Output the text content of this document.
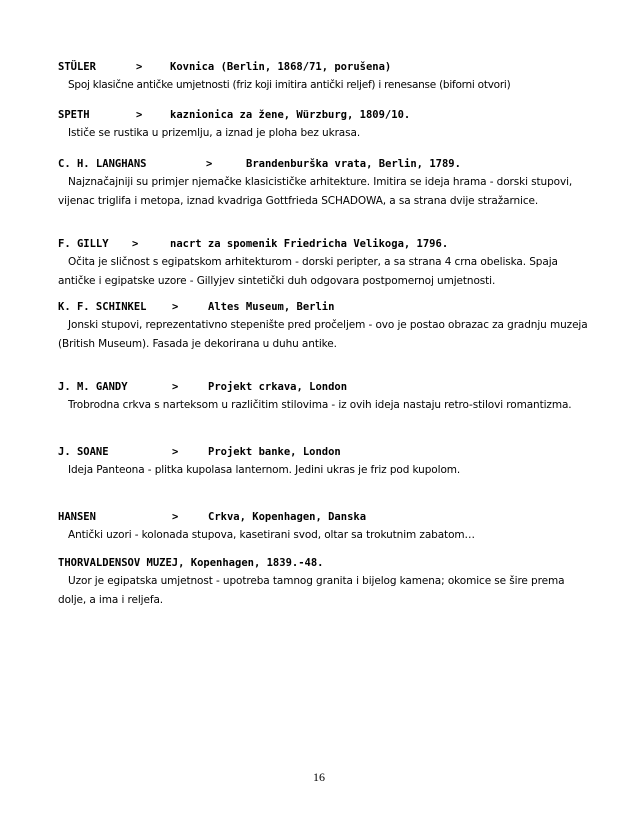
STÜLER	>	Kovnica (Berlin, 1868/71, porušena)
Spoj klasične antičke umjetnosti (friz koji imitira antički reljef) i renesanse (biforni otvori)
SPETH	>	kaznionica za žene, Würzburg, 1809/10.
Ističe se rustika u prizemlju, a iznad je ploha bez ukrasa.
C. H. LANGHANS	>	Brandenburška vrata, Berlin, 1789.
Najznačajniji su primjer njemačke klasicističke arhitekture. Imitira se ideja hrama - dorski stupovi, vijenac triglifa i metopa, iznad kvadriga Gottfrieda SCHADOWA, a sa strana dvije stražarnice.
F. GILLY >	nacrt za spomenik Friedricha Velikoga, 1796.
Očita je sličnost s egipatskom arhitekturom - dorski peripter, a sa strana 4 crna obeliska. Spaja antičke i egipatske uzore - Gillyjev sintetički duh odgovara postpomernoj umjetnosti.
K. F. SCHINKEL >	Altes Museum, Berlin
Jonski stupovi, reprezentativno stepenište pred pročeljem - ovo je postao obrazac za gradnju muzeja (British Museum). Fasada je dekorirana u duhu antike.
J. M. GANDY	>	Projekt crkava, London
Trobrodna crkva s narteksom u različitim stilovima - iz ovih ideja nastaju retro-stilovi romantizma.
J. SOANE	>	Projekt banke, London
Ideja Panteona - plitka kupolasa lanternom. Jedini ukras je friz pod kupolom.
HANSEN	>	Crkva, Kopenhagen, Danska
Antički uzori - kolonada stupova, kasetirani svod, oltar sa trokutnim zabatom…
THORVALDENSOV MUZEJ, Kopenhagen, 1839.-48.
Uzor je egipatska umjetnost - upotreba tamnog granita i bijelog kamena; okomice se šire prema dolje, a ima i reljefa.
16
